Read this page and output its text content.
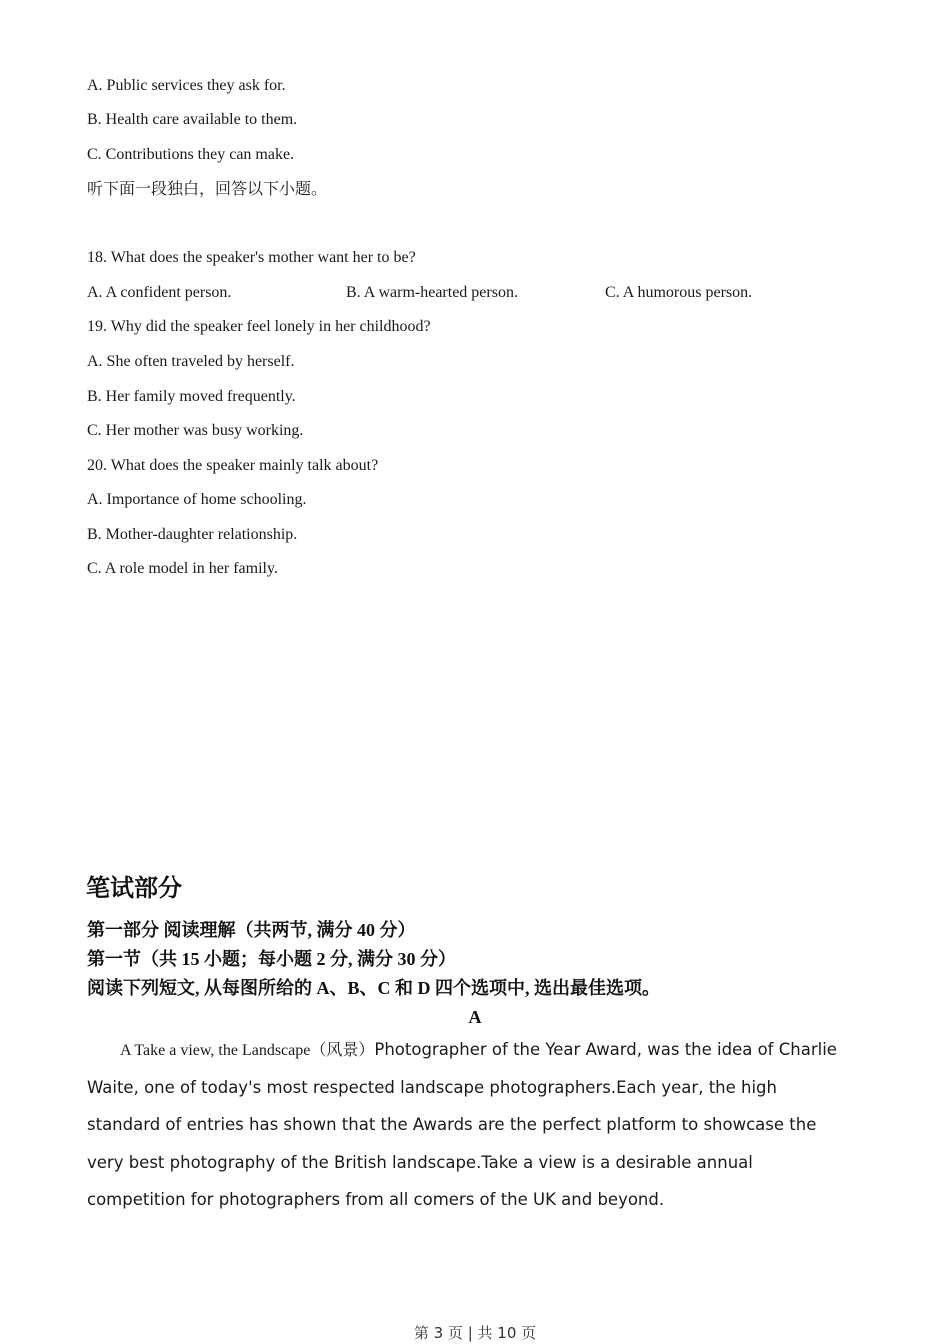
A. Public services they ask for.
B. Health care available to them.
C. Contributions they can make.
听下面一段独白，回答以下小题。
18. What does the speaker's mother want her to be?
A. A confident person.	B. A warm-hearted person.	C. A humorous person.
19. Why did the speaker feel lonely in her childhood?
A. She often traveled by herself.
B. Her family moved frequently.
C. Her mother was busy working.
20. What does the speaker mainly talk about?
A. Importance of home schooling.
B. Mother-daughter relationship.
C. A role model in her family.
笔试部分
第一部分 阅读理解（共两节, 满分 40 分）
第一节（共 15 小题；每小题 2 分, 满分 30 分）
阅读下列短文, 从每图所给的 A、B、C 和 D 四个选项中, 选出最佳选项。
A
A Take a view, the Landscape（风景）Photographer of the Year Award, was the idea of Charlie
Waite, one of today's most respected landscape photographers.Each year, the high
standard of entries has shown that the Awards are the perfect platform to showcase the
very best photography of the British landscape.Take a view is a desirable annual
competition for photographers from all comers of the UK and beyond.
第 3 页 | 共 10 页
